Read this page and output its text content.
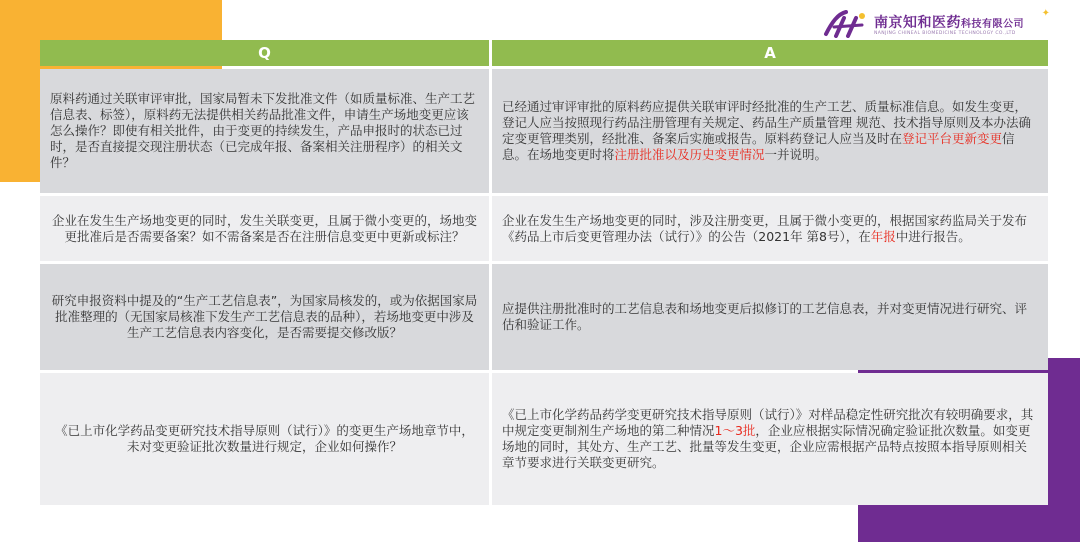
南京知和医药科技有限公司
NANJING CHINEAL BIOMEDICINE TECHNOLOGY CO.,LTD
✦
Q	A
原料药通过关联审评审批，国家局暂未下发批准文件（如质量标准、生产工艺信息表、标签），原料药无法提供相关药品批准文件，申请生产场地变更应该怎么操作？即使有相关批件，由于变更的持续发生，产品申报时的状态已过时，是否直接提交现注册状态（已完成年报、备案相关注册程序）的相关文件？	已经通过审评审批的原料药应提供关联审评时经批准的生产工艺、质量标准信息。如发生变更，登记人应当按照现行药品注册管理有关规定、药品生产质量管理 规范、技术指导原则及本办法确定变更管理类别，经批准、备案后实施或报告。原料药登记人应当及时在登记平台更新变更信息。在场地变更时将注册批准以及历史变更情况一并说明。
企业在发生生产场地变更的同时，发生关联变更，且属于微小变更的，场地变更批准后是否需要备案？如不需备案是否在注册信息变更中更新或标注？	企业在发生生产场地变更的同时，涉及注册变更，且属于微小变更的，根据国家药监局关于发布《药品上市后变更管理办法（试行）》的公告（2021年 第8号），在年报中进行报告。
研究申报资料中提及的“生产工艺信息表”，为国家局核发的，或为依据国家局批准整理的（无国家局核准下发生产工艺信息表的品种），若场地变更中涉及生产工艺信息表内容变化，是否需要提交修改版？	应提供注册批准时的工艺信息表和场地变更后拟修订的工艺信息表，并对变更情况进行研究、评估和验证工作。
《已上市化学药品变更研究技术指导原则（试行）》的变更生产场地章节中，未对变更验证批次数量进行规定，企业如何操作？	《已上市化学药品药学变更研究技术指导原则（试行）》对样品稳定性研究批次有较明确要求，其中规定变更制剂生产场地的第二种情况1～3批，企业应根据实际情况确定验证批次数量。如变更场地的同时，其处方、生产工艺、批量等发生变更，企业应需根据产品特点按照本指导原则相关章节要求进行关联变更研究。
